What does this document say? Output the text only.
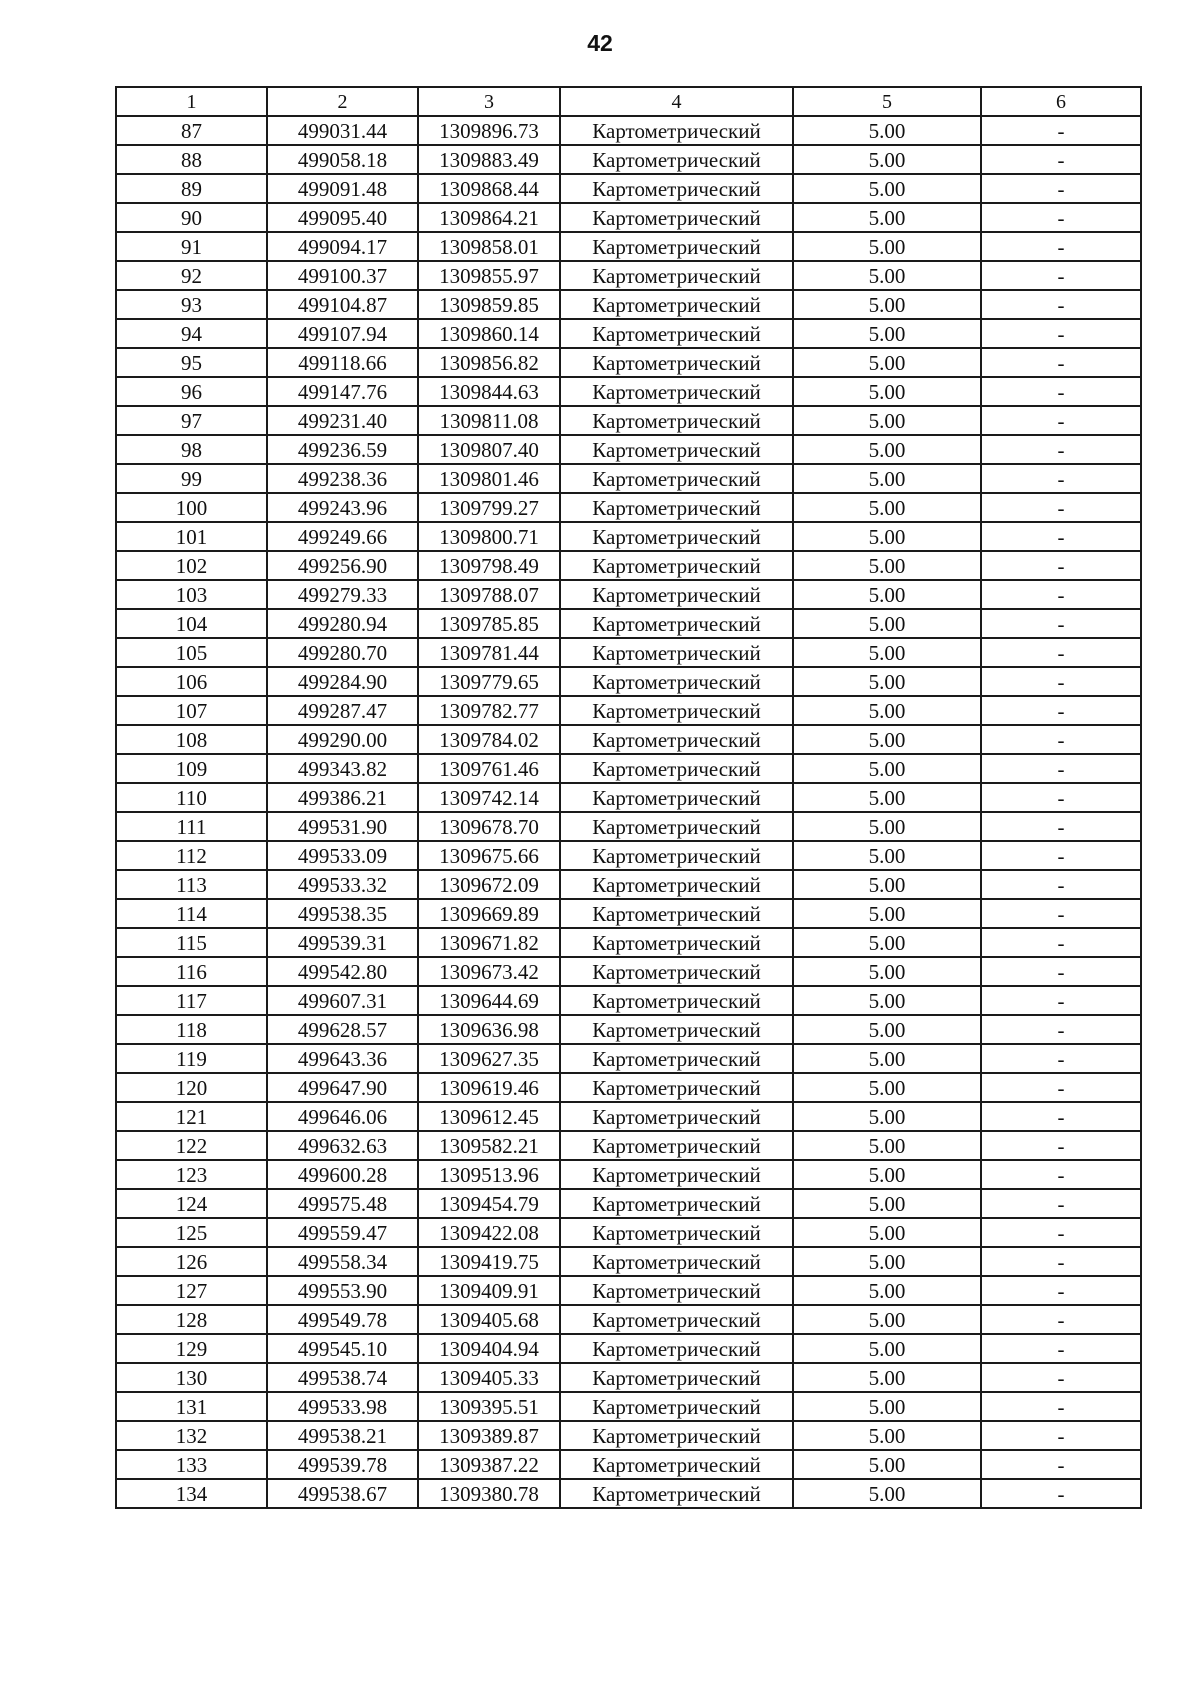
42
1	2	3	4	5	6
87	499031.44	1309896.73	Картометрический	5.00	-
88	499058.18	1309883.49	Картометрический	5.00	-
89	499091.48	1309868.44	Картометрический	5.00	-
90	499095.40	1309864.21	Картометрический	5.00	-
91	499094.17	1309858.01	Картометрический	5.00	-
92	499100.37	1309855.97	Картометрический	5.00	-
93	499104.87	1309859.85	Картометрический	5.00	-
94	499107.94	1309860.14	Картометрический	5.00	-
95	499118.66	1309856.82	Картометрический	5.00	-
96	499147.76	1309844.63	Картометрический	5.00	-
97	499231.40	1309811.08	Картометрический	5.00	-
98	499236.59	1309807.40	Картометрический	5.00	-
99	499238.36	1309801.46	Картометрический	5.00	-
100	499243.96	1309799.27	Картометрический	5.00	-
101	499249.66	1309800.71	Картометрический	5.00	-
102	499256.90	1309798.49	Картометрический	5.00	-
103	499279.33	1309788.07	Картометрический	5.00	-
104	499280.94	1309785.85	Картометрический	5.00	-
105	499280.70	1309781.44	Картометрический	5.00	-
106	499284.90	1309779.65	Картометрический	5.00	-
107	499287.47	1309782.77	Картометрический	5.00	-
108	499290.00	1309784.02	Картометрический	5.00	-
109	499343.82	1309761.46	Картометрический	5.00	-
110	499386.21	1309742.14	Картометрический	5.00	-
111	499531.90	1309678.70	Картометрический	5.00	-
112	499533.09	1309675.66	Картометрический	5.00	-
113	499533.32	1309672.09	Картометрический	5.00	-
114	499538.35	1309669.89	Картометрический	5.00	-
115	499539.31	1309671.82	Картометрический	5.00	-
116	499542.80	1309673.42	Картометрический	5.00	-
117	499607.31	1309644.69	Картометрический	5.00	-
118	499628.57	1309636.98	Картометрический	5.00	-
119	499643.36	1309627.35	Картометрический	5.00	-
120	499647.90	1309619.46	Картометрический	5.00	-
121	499646.06	1309612.45	Картометрический	5.00	-
122	499632.63	1309582.21	Картометрический	5.00	-
123	499600.28	1309513.96	Картометрический	5.00	-
124	499575.48	1309454.79	Картометрический	5.00	-
125	499559.47	1309422.08	Картометрический	5.00	-
126	499558.34	1309419.75	Картометрический	5.00	-
127	499553.90	1309409.91	Картометрический	5.00	-
128	499549.78	1309405.68	Картометрический	5.00	-
129	499545.10	1309404.94	Картометрический	5.00	-
130	499538.74	1309405.33	Картометрический	5.00	-
131	499533.98	1309395.51	Картометрический	5.00	-
132	499538.21	1309389.87	Картометрический	5.00	-
133	499539.78	1309387.22	Картометрический	5.00	-
134	499538.67	1309380.78	Картометрический	5.00	-
